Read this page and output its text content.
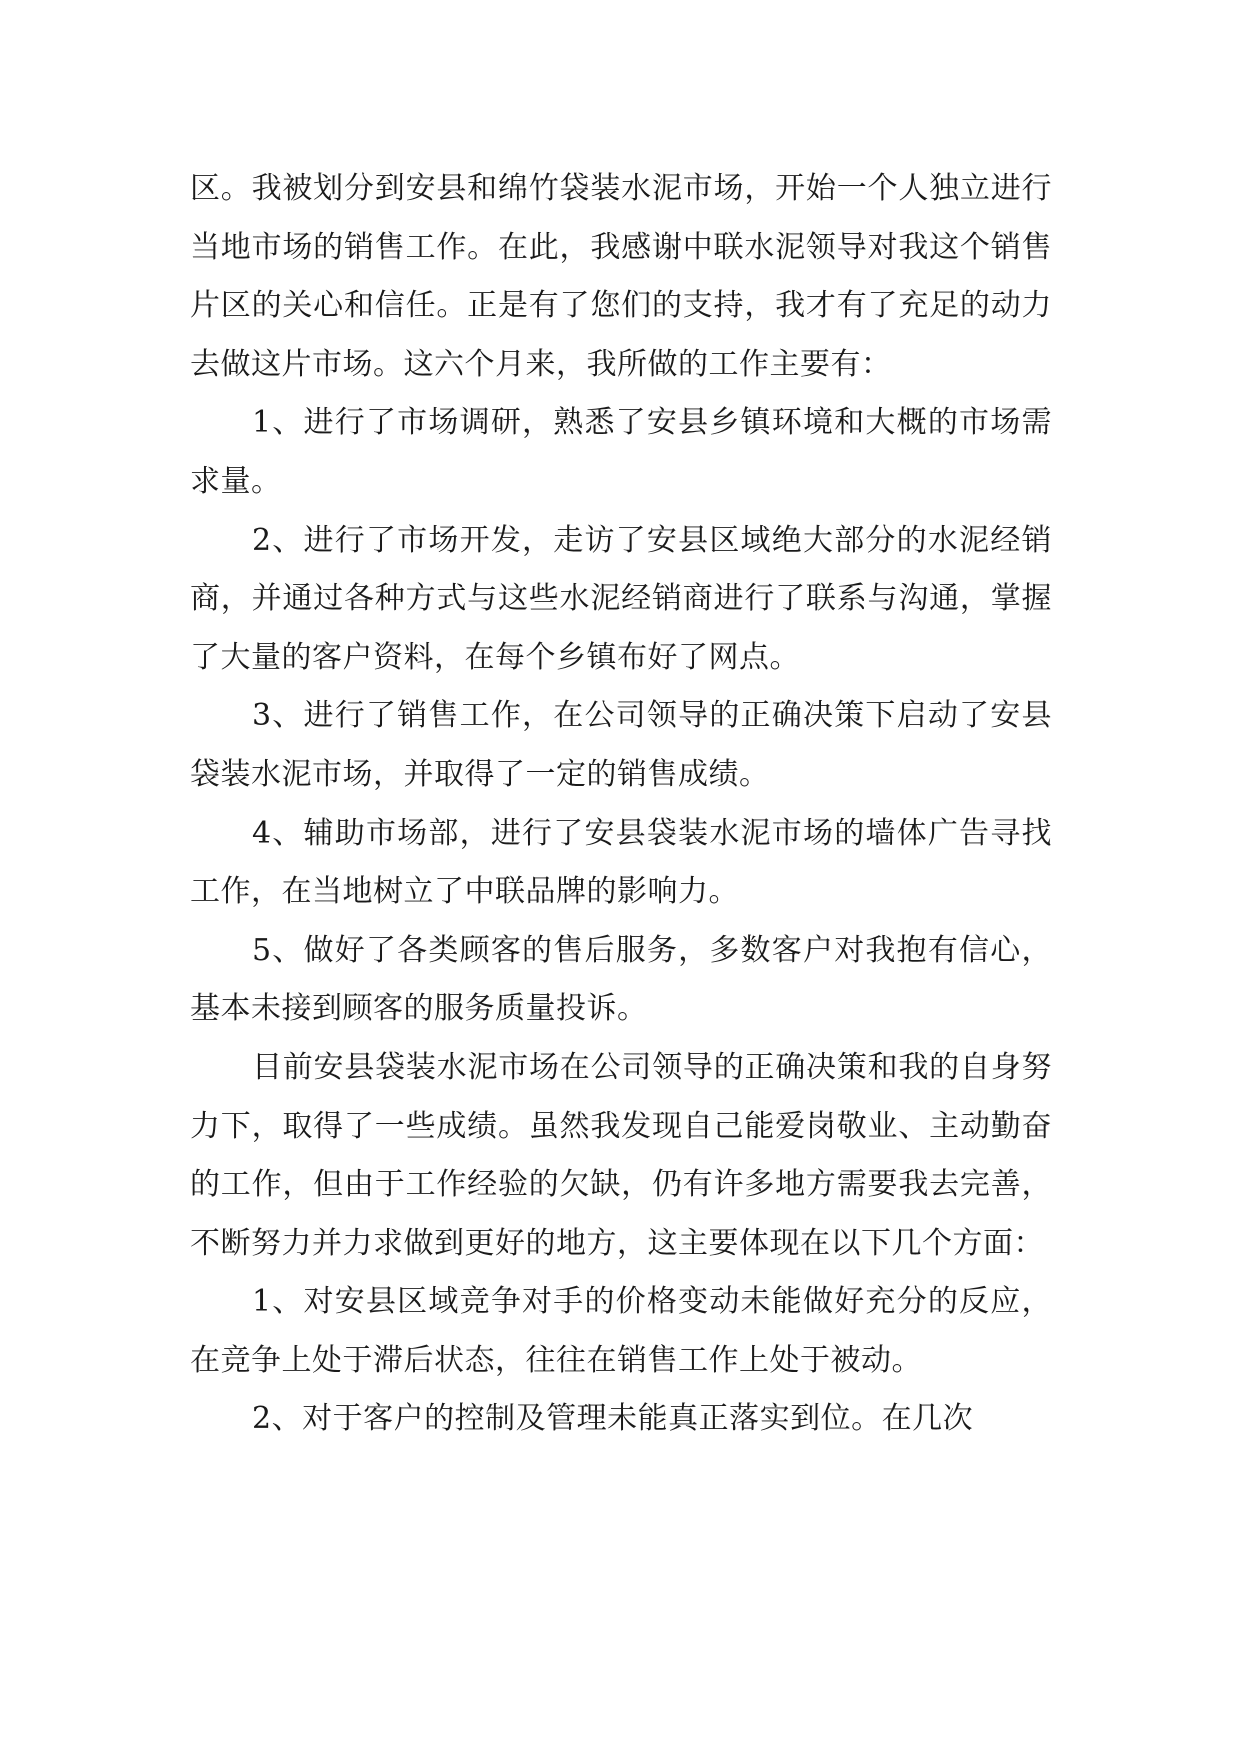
区。我被划分到安县和绵竹袋装水泥市场，开始一个人独立进行当地市场的销售工作。在此，我感谢中联水泥领导对我这个销售片区的关心和信任。正是有了您们的支持，我才有了充足的动力去做这片市场。这六个月来，我所做的工作主要有：

1、进行了市场调研，熟悉了安县乡镇环境和大概的市场需求量。

2、进行了市场开发，走访了安县区域绝大部分的水泥经销商，并通过各种方式与这些水泥经销商进行了联系与沟通，掌握了大量的客户资料，在每个乡镇布好了网点。

3、进行了销售工作，在公司领导的正确决策下启动了安县袋装水泥市场，并取得了一定的销售成绩。

4、辅助市场部，进行了安县袋装水泥市场的墙体广告寻找工作，在当地树立了中联品牌的影响力。

5、做好了各类顾客的售后服务，多数客户对我抱有信心，基本未接到顾客的服务质量投诉。

目前安县袋装水泥市场在公司领导的正确决策和我的自身努力下，取得了一些成绩。虽然我发现自己能爱岗敬业、主动勤奋的工作，但由于工作经验的欠缺，仍有许多地方需要我去完善，不断努力并力求做到更好的地方，这主要体现在以下几个方面：

1、对安县区域竞争对手的价格变动未能做好充分的反应，在竞争上处于滞后状态，往往在销售工作上处于被动。

2、对于客户的控制及管理未能真正落实到位。在几次
